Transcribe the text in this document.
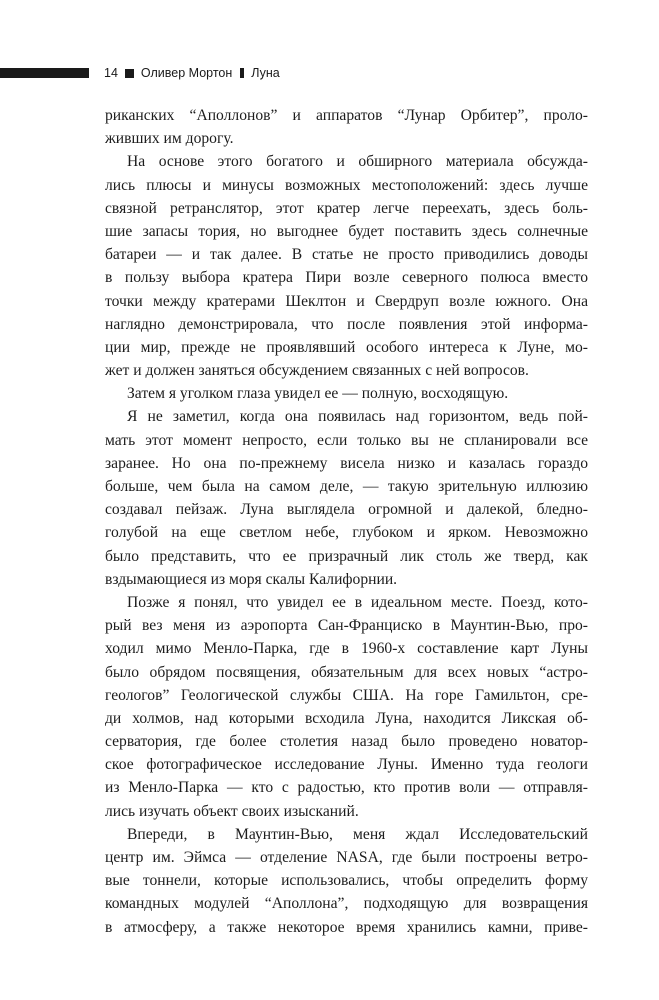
14 Оливер Мортон Луна
риканских “Аполлонов” и аппаратов “Лунар Орбитер”, проло-
живших им дорогу.
На основе этого богатого и обширного материала обсужда-
лись плюсы и минусы возможных местоположений: здесь лучше
связной ретранслятор, этот кратер легче переехать, здесь боль-
шие запасы тория, но выгоднее будет поставить здесь солнечные
батареи — и так далее. В статье не просто приводились доводы
в пользу выбора кратера Пири возле северного полюса вместо
точки между кратерами Шеклтон и Свердруп возле южного. Она
наглядно демонстрировала, что после появления этой информа-
ции мир, прежде не проявлявший особого интереса к Луне, мо-
жет и должен заняться обсуждением связанных с ней вопросов.
Затем я уголком глаза увидел ее — полную, восходящую.
Я не заметил, когда она появилась над горизонтом, ведь пой-
мать этот момент непросто, если только вы не спланировали все
заранее. Но она по-прежнему висела низко и казалась гораздо
больше, чем была на самом деле, — такую зрительную иллюзию
создавал пейзаж. Луна выглядела огромной и далекой, бледно-
голубой на еще светлом небе, глубоком и ярком. Невозможно
было представить, что ее призрачный лик столь же тверд, как
вздымающиеся из моря скалы Калифорнии.
Позже я понял, что увидел ее в идеальном месте. Поезд, кото-
рый вез меня из аэропорта Сан-Франциско в Маунтин-Вью, про-
ходил мимо Менло-Парка, где в 1960-х составление карт Луны
было обрядом посвящения, обязательным для всех новых “астро-
геологов” Геологической службы США. На горе Гамильтон, сре-
ди холмов, над которыми всходила Луна, находится Ликская об-
серватория, где более столетия назад было проведено новатор-
ское фотографическое исследование Луны. Именно туда геологи
из Менло-Парка — кто с радостью, кто против воли — отправля-
лись изучать объект своих изысканий.
Впереди, в Маунтин-Вью, меня ждал Исследовательский
центр им. Эймса — отделение NASA, где были построены ветро-
вые тоннели, которые использовались, чтобы определить форму
командных модулей “Аполлона”, подходящую для возвращения
в атмосферу, а также некоторое время хранились камни, приве-
